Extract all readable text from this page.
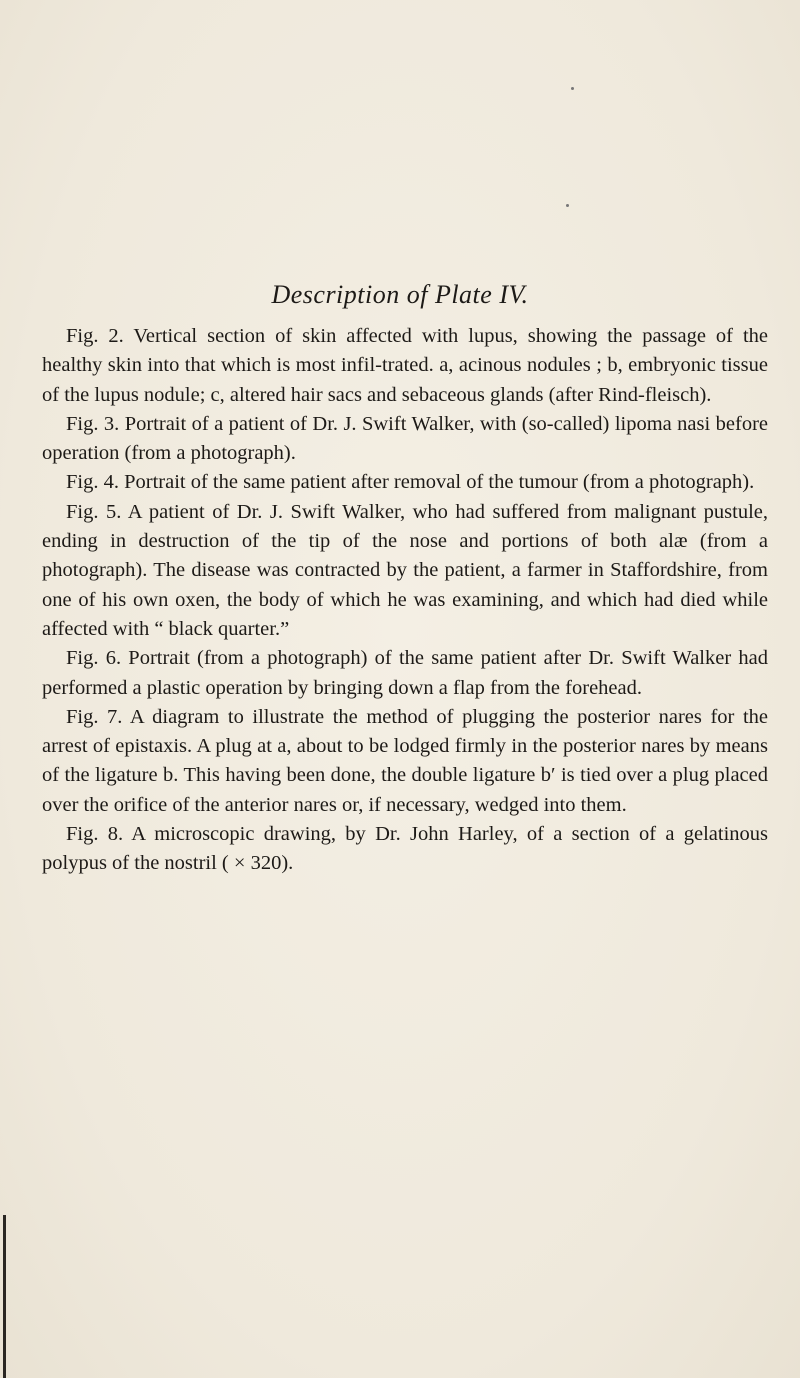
Description of Plate IV.

Fig. 2. Vertical section of skin affected with lupus, showing the passage of the healthy skin into that which is most infil-trated. a, acinous nodules ; b, embryonic tissue of the lupus nodule; c, altered hair sacs and sebaceous glands (after Rind-fleisch).

Fig. 3. Portrait of a patient of Dr. J. Swift Walker, with (so-called) lipoma nasi before operation (from a photograph).

Fig. 4. Portrait of the same patient after removal of the tumour (from a photograph).

Fig. 5. A patient of Dr. J. Swift Walker, who had suffered from malignant pustule, ending in destruction of the tip of the nose and portions of both alæ (from a photograph). The disease was contracted by the patient, a farmer in Staffordshire, from one of his own oxen, the body of which he was examining, and which had died while affected with “ black quarter.”

Fig. 6. Portrait (from a photograph) of the same patient after Dr. Swift Walker had performed a plastic operation by bringing down a flap from the forehead.

Fig. 7. A diagram to illustrate the method of plugging the posterior nares for the arrest of epistaxis. A plug at a, about to be lodged firmly in the posterior nares by means of the ligature b. This having been done, the double ligature b′ is tied over a plug placed over the orifice of the anterior nares or, if necessary, wedged into them.

Fig. 8. A microscopic drawing, by Dr. John Harley, of a section of a gelatinous polypus of the nostril ( × 320).
